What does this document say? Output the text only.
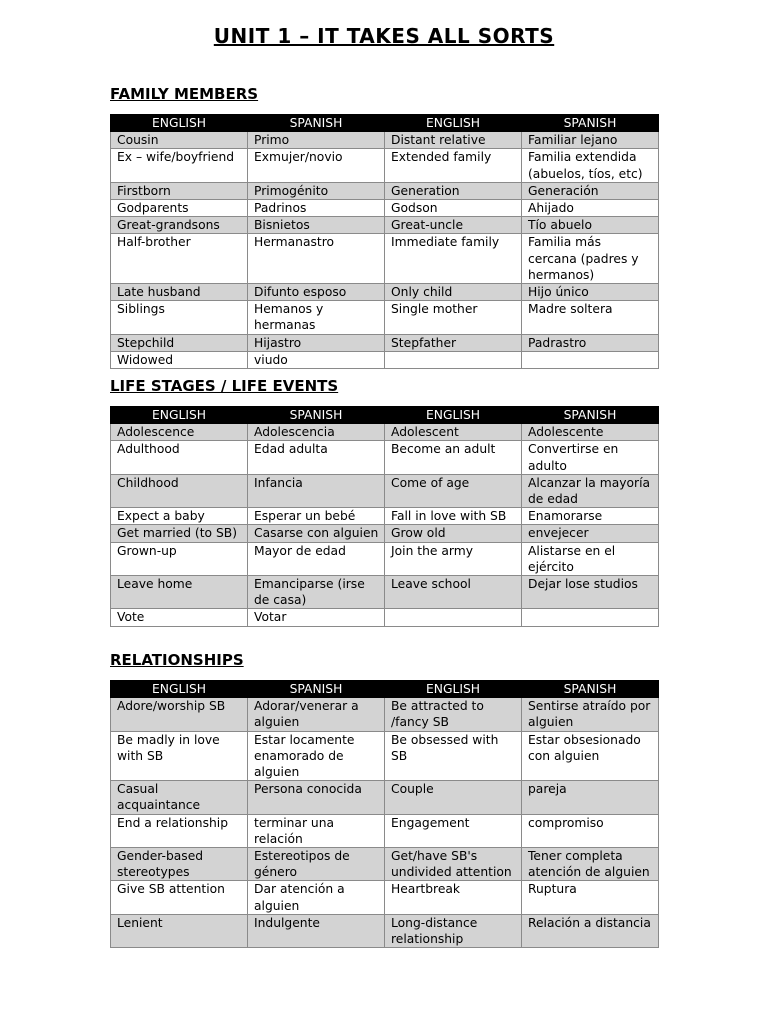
UNIT 1 – IT TAKES ALL SORTS
FAMILY MEMBERS
ENGLISH	SPANISH	ENGLISH	SPANISH
Cousin	Primo	Distant relative	Familiar lejano
Ex – wife/boyfriend	Exmujer/novio	Extended family	Familia extendida (abuelos, tíos, etc)
Firstborn	Primogénito	Generation	Generación
Godparents	Padrinos	Godson	Ahijado
Great-grandsons	Bisnietos	Great-uncle	Tío abuelo
Half-brother	Hermanastro	Immediate family	Familia más cercana (padres y hermanos)
Late husband	Difunto esposo	Only child	Hijo único
Siblings	Hemanos y hermanas	Single mother	Madre soltera
Stepchild	Hijastro	Stepfather	Padrastro
Widowed	viudo		
LIFE STAGES / LIFE EVENTS
ENGLISH	SPANISH	ENGLISH	SPANISH
Adolescence	Adolescencia	Adolescent	Adolescente
Adulthood	Edad adulta	Become an adult	Convertirse en adulto
Childhood	Infancia	Come of age	Alcanzar la mayoría de edad
Expect a baby	Esperar un bebé	Fall in love with SB	Enamorarse
Get married (to SB)	Casarse con alguien	Grow old	envejecer
Grown-up	Mayor de edad	Join the army	Alistarse en el ejército
Leave home	Emanciparse (irse de casa)	Leave school	Dejar lose studios
Vote	Votar		
RELATIONSHIPS
ENGLISH	SPANISH	ENGLISH	SPANISH
Adore/worship SB	Adorar/venerar a alguien	Be attracted to /fancy SB	Sentirse atraído por alguien
Be madly in love with SB	Estar locamente enamorado de alguien	Be obsessed with SB	Estar obsesionado con alguien
Casual acquaintance	Persona conocida	Couple	pareja
End a relationship	terminar una relación	Engagement	compromiso
Gender-based stereotypes	Estereotipos de género	Get/have SB's undivided attention	Tener completa atención de alguien
Give SB attention	Dar atención a alguien	Heartbreak	Ruptura
Lenient	Indulgente	Long-distance relationship	Relación a distancia
